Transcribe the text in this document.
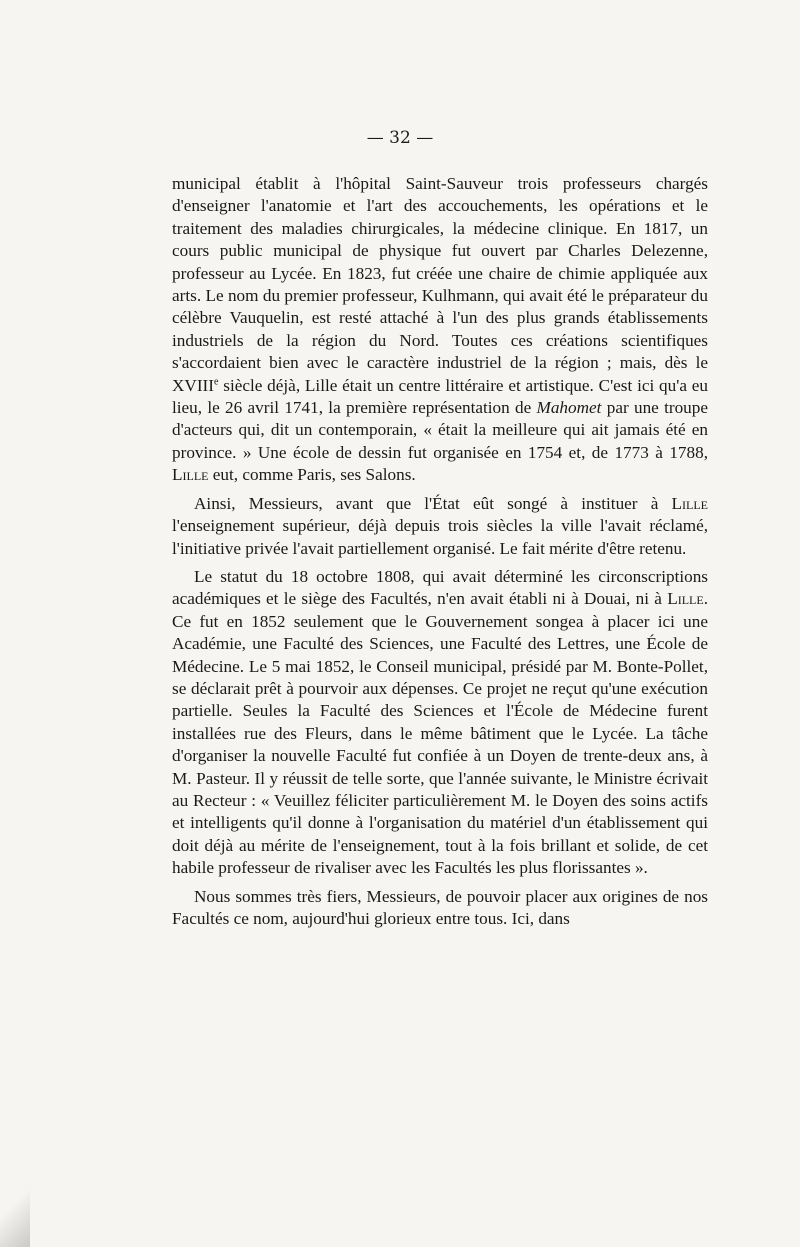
— 32 —

municipal établit à l'hôpital Saint-Sauveur trois professeurs chargés d'enseigner l'anatomie et l'art des accouchements, les opérations et le traitement des maladies chirurgicales, la médecine clinique. En 1817, un cours public municipal de physique fut ouvert par Charles Delezenne, professeur au Lycée. En 1823, fut créée une chaire de chimie appliquée aux arts. Le nom du premier professeur, Kulhmann, qui avait été le préparateur du célèbre Vauquelin, est resté attaché à l'un des plus grands établissements industriels de la région du Nord. Toutes ces créations scientifiques s'accordaient bien avec le caractère industriel de la région ; mais, dès le XVIIIe siècle déjà, Lille était un centre littéraire et artistique. C'est ici qu'a eu lieu, le 26 avril 1741, la première représentation de Mahomet par une troupe d'acteurs qui, dit un contemporain, « était la meilleure qui ait jamais été en province. » Une école de dessin fut organisée en 1754 et, de 1773 à 1788, Lille eut, comme Paris, ses Salons.

Ainsi, Messieurs, avant que l'État eût songé à instituer à Lille l'enseignement supérieur, déjà depuis trois siècles la ville l'avait réclamé, l'initiative privée l'avait partiellement organisé. Le fait mérite d'être retenu.

Le statut du 18 octobre 1808, qui avait déterminé les circonscriptions académiques et le siège des Facultés, n'en avait établi ni à Douai, ni à Lille. Ce fut en 1852 seulement que le Gouvernement songea à placer ici une Académie, une Faculté des Sciences, une Faculté des Lettres, une École de Médecine. Le 5 mai 1852, le Conseil municipal, présidé par M. Bonte-Pollet, se déclarait prêt à pourvoir aux dépenses. Ce projet ne reçut qu'une exécution partielle. Seules la Faculté des Sciences et l'École de Médecine furent installées rue des Fleurs, dans le même bâtiment que le Lycée. La tâche d'organiser la nouvelle Faculté fut confiée à un Doyen de trente-deux ans, à M. Pasteur. Il y réussit de telle sorte, que l'année suivante, le Ministre écrivait au Recteur : « Veuillez féliciter particulièrement M. le Doyen des soins actifs et intelligents qu'il donne à l'organisation du matériel d'un établissement qui doit déjà au mérite de l'enseignement, tout à la fois brillant et solide, de cet habile professeur de rivaliser avec les Facultés les plus florissantes ».

Nous sommes très fiers, Messieurs, de pouvoir placer aux origines de nos Facultés ce nom, aujourd'hui glorieux entre tous. Ici, dans
